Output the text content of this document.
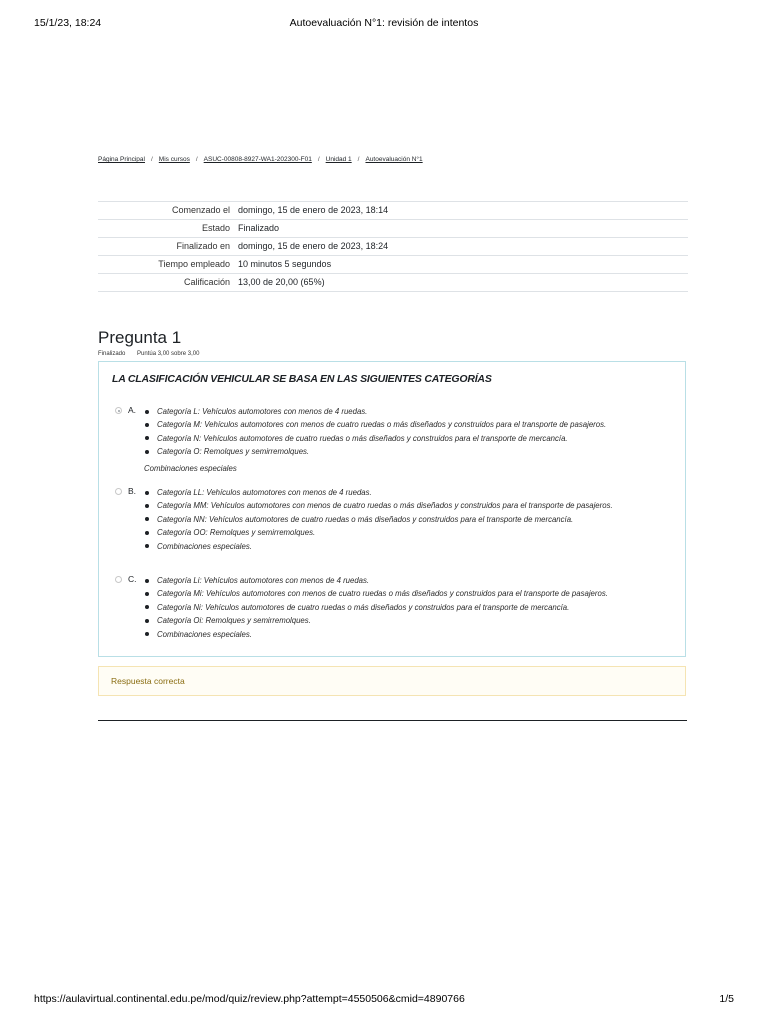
15/1/23, 18:24	Autoevaluación N°1: revisión de intentos
Página Principal / Mis cursos / ASUC-00808-8927-WA1-202300-F01 / Unidad 1 / Autoevaluación N°1
Comenzado el	domingo, 15 de enero de 2023, 18:14
Estado	Finalizado
Finalizado en	domingo, 15 de enero de 2023, 18:24
Tiempo empleado	10 minutos 5 segundos
Calificación	13,00 de 20,00 (65%)
Pregunta 1
Finalizado Puntúa 3,00 sobre 3,00
LA CLASIFICACIÓN VEHICULAR SE BASA EN LAS SIGUIENTES CATEGORÍAS
A.	Categoría L: Vehículos automotores con menos de 4 ruedas.
Categoría M: Vehículos automotores con menos de cuatro ruedas o más diseñados y construidos para el transporte de pasajeros.
Categoría N: Vehículos automotores de cuatro ruedas o más diseñados y construidos para el transporte de mercancía.
Categoría O: Remolques y semirremolques.
Combinaciones especiales
B.	Categoría LL: Vehículos automotores con menos de 4 ruedas.
Categoría MM: Vehículos automotores con menos de cuatro ruedas o más diseñados y construidos para el transporte de pasajeros.
Categoría NN: Vehículos automotores de cuatro ruedas o más diseñados y construidos para el transporte de mercancía.
Categoría OO: Remolques y semirremolques.
Combinaciones especiales.
C.	Categoría Li: Vehículos automotores con menos de 4 ruedas.
Categoría Mi: Vehículos automotores con menos de cuatro ruedas o más diseñados y construidos para el transporte de pasajeros.
Categoría Ni: Vehículos automotores de cuatro ruedas o más diseñados y construidos para el transporte de mercancía.
Categoría Oi: Remolques y semirremolques.
Combinaciones especiales.
Respuesta correcta
https://aulavirtual.continental.edu.pe/mod/quiz/review.php?attempt=4550506&cmid=4890766	1/5
